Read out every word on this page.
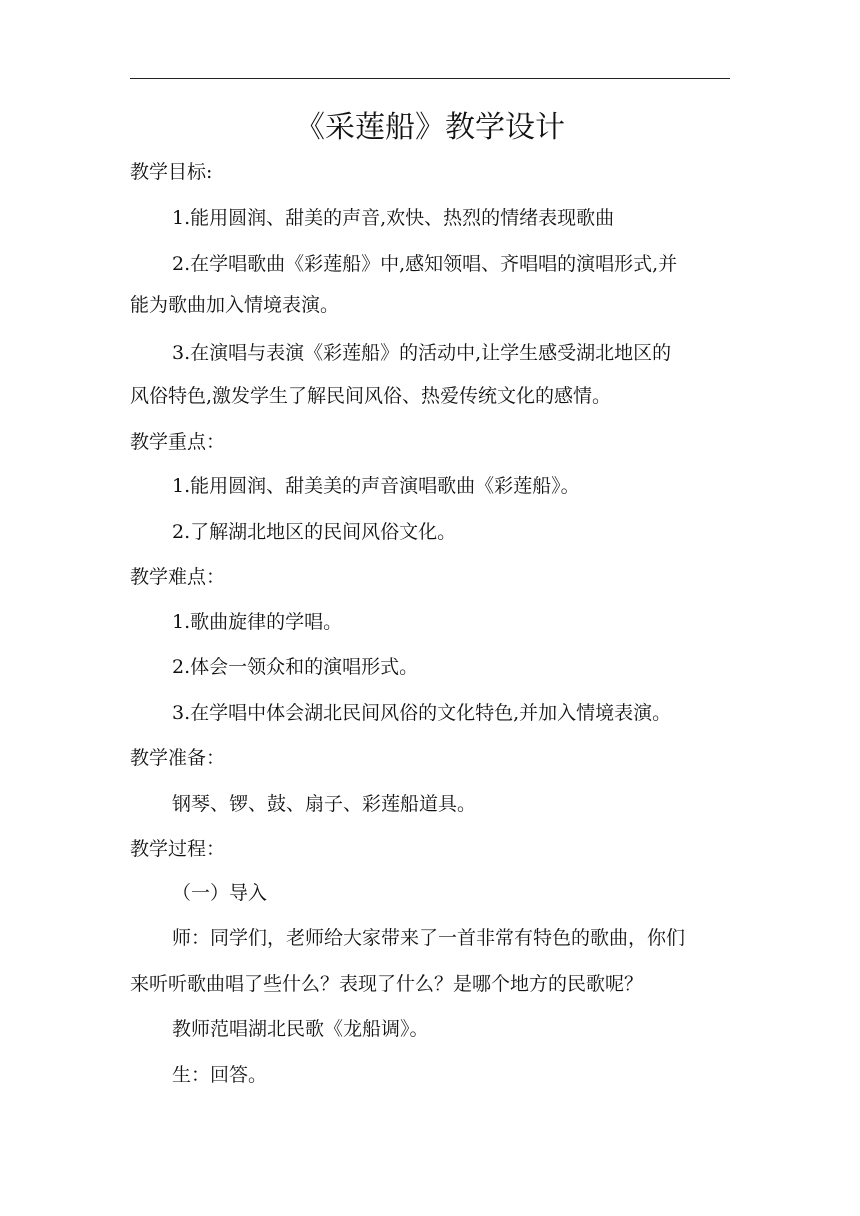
《采莲船》教学设计
教学目标:
1.能用圆润、甜美的声音,欢快、热烈的情绪表现歌曲
2.在学唱歌曲《彩莲船》中,感知领唱、齐唱唱的演唱形式,并
能为歌曲加入情境表演。
3.在演唱与表演《彩莲船》的活动中,让学生感受湖北地区的
风俗特色,激发学生了解民间风俗、热爱传统文化的感情。
教学重点：
1.能用圆润、甜美美的声音演唱歌曲《彩莲船》。
2.了解湖北地区的民间风俗文化。
教学难点：
1.歌曲旋律的学唱。
2.体会一领众和的演唱形式。
3.在学唱中体会湖北民间风俗的文化特色,并加入情境表演。
教学准备：
钢琴、锣、鼓、扇子、彩莲船道具。
教学过程：
（一）导入
师：同学们，老师给大家带来了一首非常有特色的歌曲，你们
来听听歌曲唱了些什么？表现了什么？是哪个地方的民歌呢？
教师范唱湖北民歌《龙船调》。
生：回答。
